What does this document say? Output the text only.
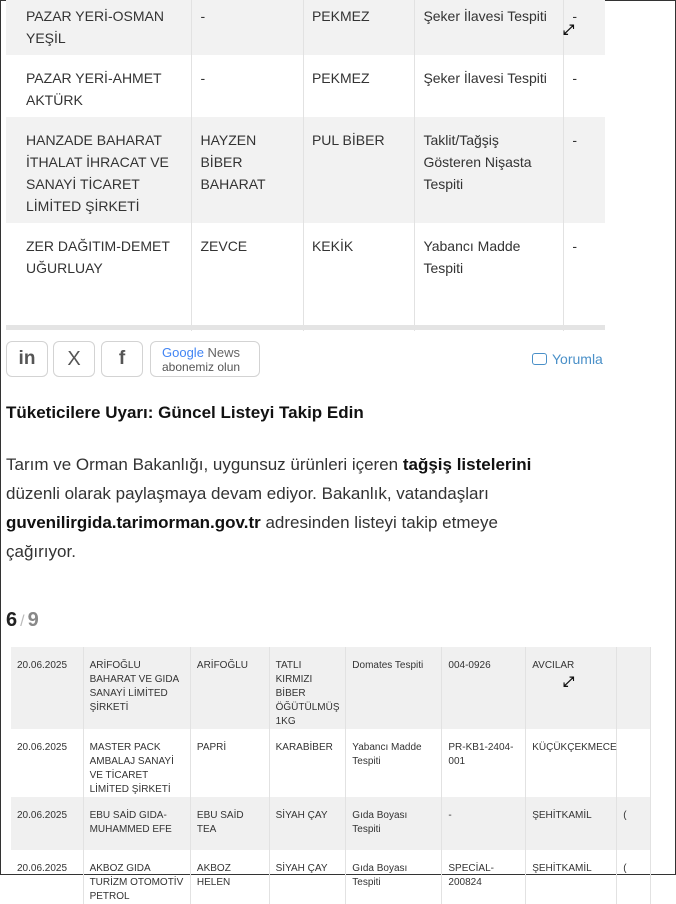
PAZAR YERİ-OSMAN YEŞİL	-	PEKMEZ	Şeker İlavesi Tespiti	-
PAZAR YERİ-AHMET AKTÜRK	-	PEKMEZ	Şeker İlavesi Tespiti	-
HANZADE BAHARAT İTHALAT İHRACAT VE SANAYİ TİCARET LİMİTED ŞİRKETİ	HAYZEN BİBER BAHARAT	PUL BİBER	Taklit/Tağşiş Gösteren Nişasta Tespiti	-
ZER DAĞITIM-DEMET UĞURLUAY	ZEVCE	KEKİK	Yabancı Madde Tespiti	-
⤢
in X f	Google News
abonemiz olun	Yorumla
Tüketicilere Uyarı: Güncel Listeyi Takip Edin

Tarım ve Orman Bakanlığı, uygunsuz ürünleri içeren tağşiş listelerini düzenli olarak paylaşmaya devam ediyor. Bakanlık, vatandaşları guvenilirgida.tarimorman.gov.tr adresinden listeyi takip etmeye çağırıyor.

6 / 9
20.06.2025	ARİFOĞLU BAHARAT VE GIDA SANAYİ LİMİTED ŞİRKETİ	ARİFOĞLU	TATLI KIRMIZI BİBER ÖĞÜTÜLMÜŞ 1KG	Domates Tespiti	004-0926	AVCILAR	
20.06.2025	MASTER PACK AMBALAJ SANAYİ VE TİCARET LİMİTED ŞİRKETİ	PAPRİ	KARABİBER	Yabancı Madde Tespiti	PR-KB1-2404-001	KÜÇÜKÇEKMECE	
20.06.2025	EBU SAİD GIDA-MUHAMMED EFE	EBU SAİD TEA	SİYAH ÇAY	Gıda Boyası Tespiti	-	ŞEHİTKAMİL	(
20.06.2025	AKBOZ GIDA TURİZM OTOMOTİV PETROL	AKBOZ HELEN	SİYAH ÇAY	Gıda Boyası Tespiti	SPECİAL-200824	ŞEHİTKAMİL	(
⤢
